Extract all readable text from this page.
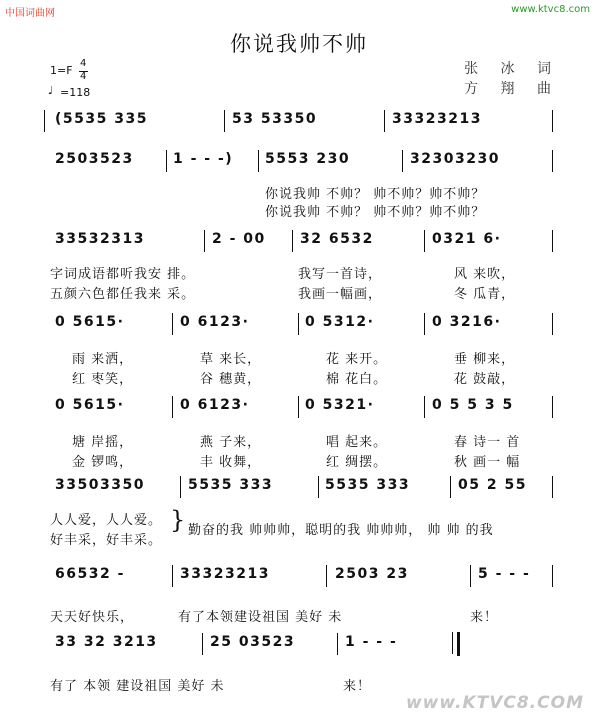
中国词曲网	www.ktvc8.com
你说我帅不帅
1=F
4
4
♩ =118
张 冰 词
方 翔 曲
(5535 335	53 53350	33323213
2503523	1 - - -) 5553 230	32303230
你说我帅 不帅？ 帅不帅？帅不帅？
你说我帅 不帅？ 帅不帅？帅不帅？
33532313	2 - 00 32 6532	0321 6·
字词成语都听我安 排。	我写一首诗，	风 来吹，
五颜六色都任我来 采。	我画一幅画，	冬 瓜青，
0 5615·	0 6123·	0 5312·	0 3216·
雨 来洒，	草 来长，	花 来开。	垂 柳来，
红 枣笑，	谷 穗黄，	棉 花白。	花 鼓敲，
0 5615·	0 6123·	0 5321·	0 5 5 3 5
塘 岸摇，	燕 子来，	唱 起来。	春 诗一 首
金 锣鸣，	丰 收舞，	红 绸摆。	秋 画一 幅
33503350	5535 333	5535 333	05 2 55
人人爱，人人爱。
好丰采，好丰采。
勤奋的我 帅帅帅，聪明的我 帅帅帅， 帅 帅 的我
66532 -	33323213	2503 23	5 - - -
天天好快乐，	有了本领建设祖国 美好 未	来！
33 32 3213	25 03523	1 - - -
有了 本领 建设祖国 美好 未	来！
}
www.KTVC8.COM
